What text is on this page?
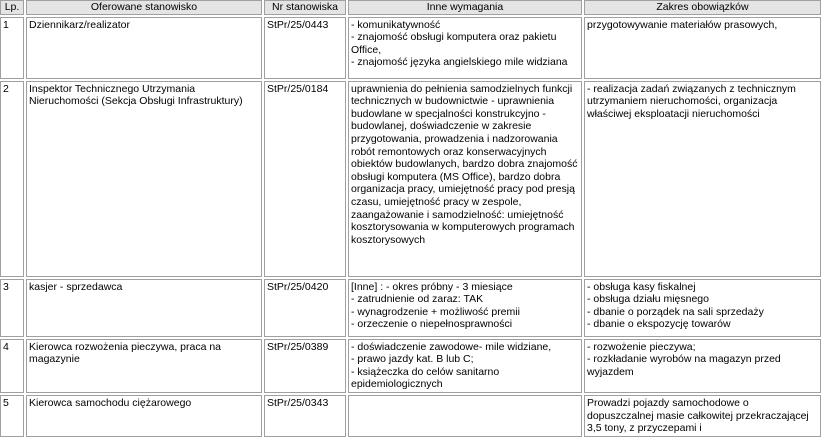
Lp.	Oferowane stanowisko	Nr stanowiska	Inne wymagania	Zakres obowiązków

1	Dziennikarz/realizator	StPr/25/0443	- komunikatywność
- znajomość obsługi komputera oraz pakietu Office,
- znajomość języka angielskiego mile widziana	przygotowywanie materiałów prasowych,

2	Inspektor Technicznego Utrzymania Nieruchomości (Sekcja Obsługi Infrastruktury)	StPr/25/0184	uprawnienia do pełnienia samodzielnych funkcji technicznych w budownictwie - uprawnienia budowlane w specjalności konstrukcyjno - budowlanej, doświadczenie w zakresie przygotowania, prowadzenia i nadzorowania robót remontowych oraz konserwacyjnych obiektów budowlanych, bardzo dobra znajomość obsługi komputera (MS Office), bardzo dobra organizacja pracy, umiejętność pracy pod presją czasu, umiejętność pracy w zespole, zaangażowanie i samodzielność: umiejętność kosztorysowania w komputerowych programach kosztorysowych	- realizacja zadań związanych z technicznym utrzymaniem nieruchomości, organizacja właściwej eksploatacji nieruchomości

3	kasjer - sprzedawca	StPr/25/0420	[Inne] : - okres próbny - 3 miesiące
- zatrudnienie od zaraz: TAK
- wynagrodzenie + możliwość premii
- orzeczenie o niepełnosprawności	- obsługa kasy fiskalnej
- obsługa działu mięsnego
- dbanie o porządek na sali sprzedaży
- dbanie o ekspozycję towarów

4	Kierowca rozwożenia pieczywa, praca na magazynie	StPr/25/0389	- doświadczenie zawodowe- mile widziane,
- prawo jazdy kat. B lub C;
- książeczka do celów sanitarno epidemiologicznych	- rozwożenie pieczywa;
- rozkładanie wyrobów na magazyn przed wyjazdem

5	Kierowca samochodu ciężarowego	StPr/25/0343		Prowadzi pojazdy samochodowe o dopuszczalnej masie całkowitej przekraczającej 3,5 tony, z przyczepami i
